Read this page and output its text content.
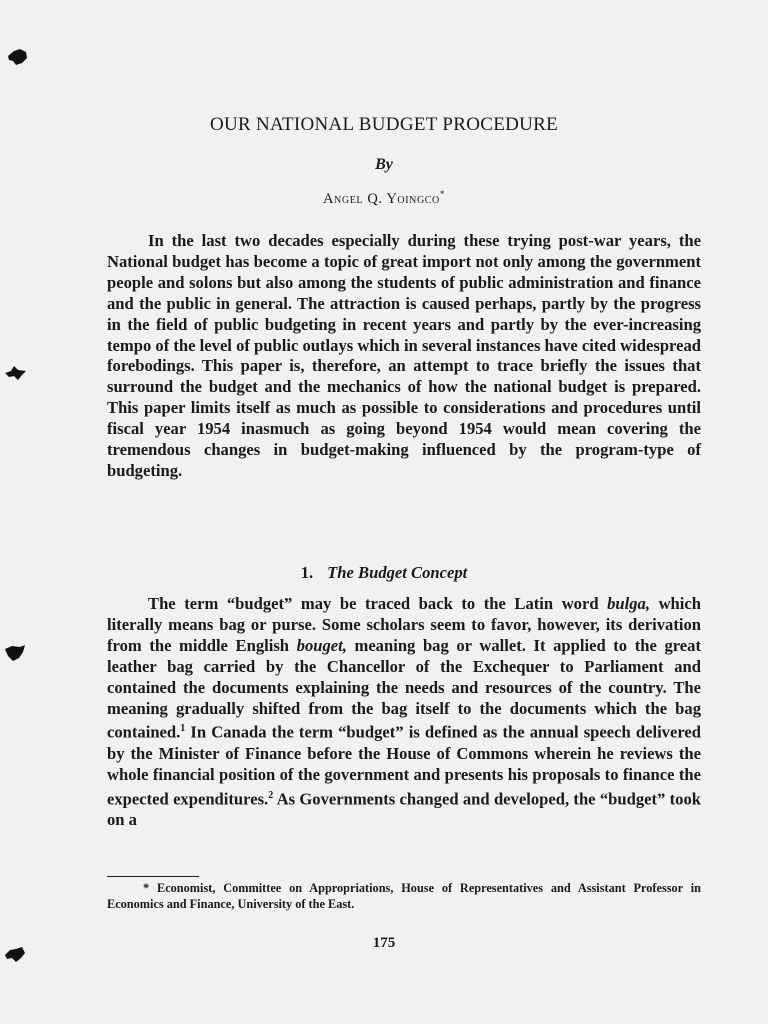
OUR NATIONAL BUDGET PROCEDURE
By
Angel Q. Yoingco*

In the last two decades especially during these trying post-war years, the National budget has become a topic of great import not only among the government people and solons but also among the students of public administration and finance and the public in general. The attraction is caused perhaps, partly by the progress in the field of public budgeting in recent years and partly by the ever-increasing tempo of the level of public outlays which in several instances have cited widespread forebodings. This paper is, therefore, an attempt to trace briefly the issues that surround the budget and the mechanics of how the national budget is prepared. This paper limits itself as much as possible to considerations and procedures until fiscal year 1954 inasmuch as going beyond 1954 would mean covering the tremendous changes in budget-making influenced by the program-type of budgeting.

1. The Budget Concept

The term “budget” may be traced back to the Latin word bulga, which literally means bag or purse. Some scholars seem to favor, however, its derivation from the middle English bouget, meaning bag or wallet. It applied to the great leather bag carried by the Chancellor of the Exchequer to Parliament and contained the documents explaining the needs and resources of the country. The meaning gradually shifted from the bag itself to the documents which the bag contained.$^1$ In Canada the term “budget” is defined as the annual speech delivered by the Minister of Finance before the House of Commons wherein he reviews the whole financial position of the government and presents his proposals to finance the expected expenditures.$^2$ As Governments changed and developed, the “budget” took on a

* Economist, Committee on Appropriations, House of Representatives and Assistant Professor in Economics and Finance, University of the East.

175
